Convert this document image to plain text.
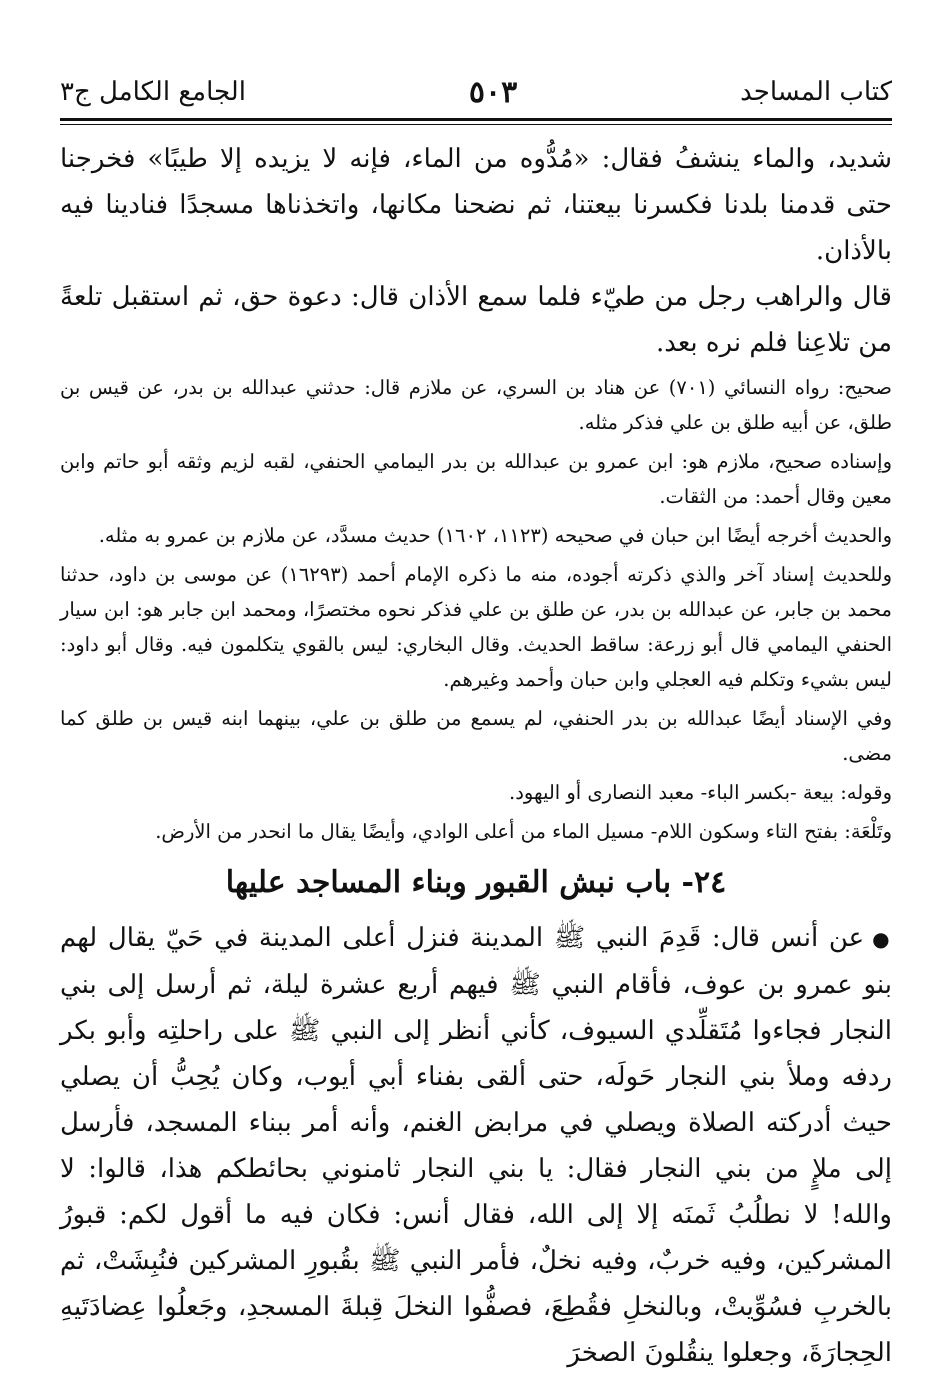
كتاب المساجد
٥٠٣
الجامع الكامل ج٣

شديد، والماء ينشفُ فقال: «مُدُّوه من الماء، فإنه لا يزيده إلا طيبًا» فخرجنا حتى قدمنا بلدنا فكسرنا بيعتنا، ثم نضحنا مكانها، واتخذناها مسجدًا فنادينا فيه بالأذان.

قال والراهب رجل من طيّء فلما سمع الأذان قال: دعوة حق، ثم استقبل تلعةً من تلاعِنا فلم نره بعد.

صحيح: رواه النسائي (٧٠١) عن هناد بن السري، عن ملازم قال: حدثني عبدالله بن بدر، عن قيس بن طلق، عن أبيه طلق بن علي فذكر مثله.

وإسناده صحيح، ملازم هو: ابن عمرو بن عبدالله بن بدر اليمامي الحنفي، لقبه لزيم وثقه أبو حاتم وابن معين وقال أحمد: من الثقات.

والحديث أخرجه أيضًا ابن حبان في صحيحه (١١٢٣، ١٦٠٢) حديث مسدَّد، عن ملازم بن عمرو به مثله.

وللحديث إسناد آخر والذي ذكرته أجوده، منه ما ذكره الإمام أحمد (١٦٢٩٣) عن موسى بن داود، حدثنا محمد بن جابر، عن عبدالله بن بدر، عن طلق بن علي فذكر نحوه مختصرًا، ومحمد ابن جابر هو: ابن سيار الحنفي اليمامي قال أبو زرعة: ساقط الحديث. وقال البخاري: ليس بالقوي يتكلمون فيه. وقال أبو داود: ليس بشيء وتكلم فيه العجلي وابن حبان وأحمد وغيرهم.

وفي الإسناد أيضًا عبدالله بن بدر الحنفي، لم يسمع من طلق بن علي، بينهما ابنه قيس بن طلق كما مضى.

وقوله: بيعة -بكسر الباء- معبد النصارى أو اليهود.

وتَلْعَة: بفتح التاء وسكون اللام- مسيل الماء من أعلى الوادي، وأيضًا يقال ما انحدر من الأرض.

٢٤- باب نبش القبور وبناء المساجد عليها

●عن أنس قال: قَدِمَ النبي ﷺ المدينة فنزل أعلى المدينة في حَيّ يقال لهم بنو عمرو بن عوف، فأقام النبي ﷺ فيهم أربع عشرة ليلة، ثم أرسل إلى بني النجار فجاءوا مُتَقلِّدي السيوف، كأني أنظر إلى النبي ﷺ على راحلتِه وأبو بكر ردفه وملأ بني النجار حَولَه، حتى ألقى بفناء أبي أيوب، وكان يُحِبُّ أن يصلي حيث أدركته الصلاة ويصلي في مرابض الغنم، وأنه أمر ببناء المسجد، فأرسل إلى ملإٍ من بني النجار فقال: يا بني النجار ثامنوني بحائطكم هذا، قالوا: لا والله! لا نطلُبُ ثَمنَه إلا إلى الله، فقال أنس: فكان فيه ما أقول لكم: قبورُ المشركين، وفيه خربٌ، وفيه نخلٌ، فأمر النبي ﷺ بقُبورِ المشركين فنُبِشَتْ، ثم بالخربِ فسُوِّيتْ، وبالنخلِ فقُطِعَ، فصفُّوا النخلَ قِبلةَ المسجدِ، وجَعلُوا عِضادَتَيهِ الحِجارَةَ، وجعلوا ينقُلونَ الصخرَ
